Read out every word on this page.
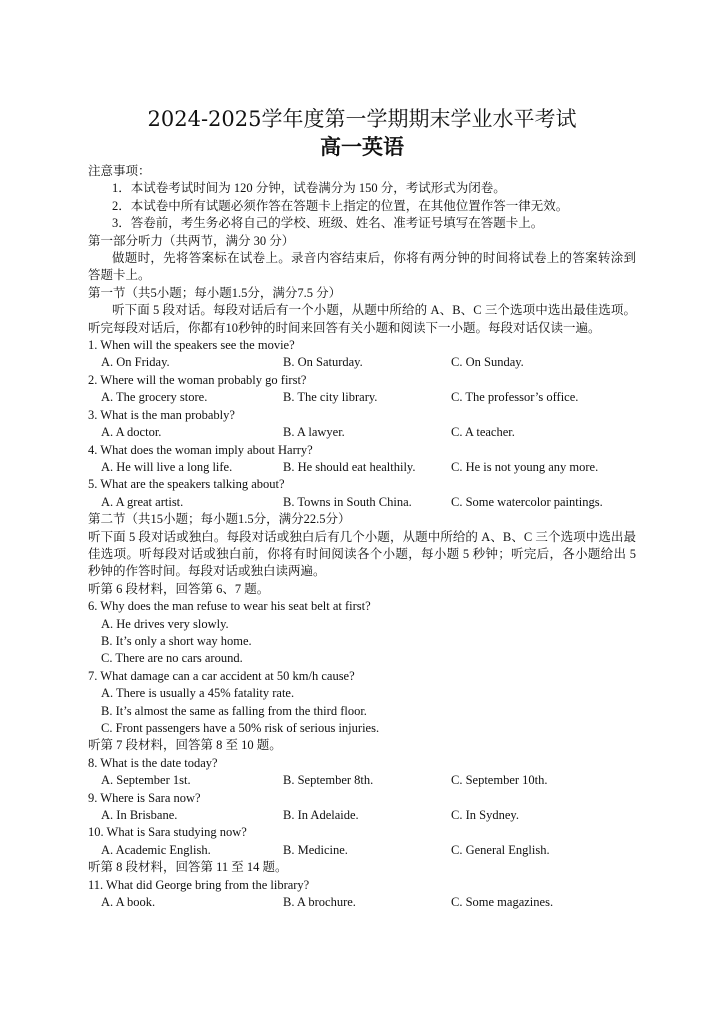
2024-2025学年度第一学期期末学业水平考试
高一英语
注意事项：
1．本试卷考试时间为 120 分钟，试卷满分为 150 分，考试形式为闭卷。
2．本试卷中所有试题必须作答在答题卡上指定的位置，在其他位置作答一律无效。
3．答卷前，考生务必将自己的学校、班级、姓名、准考证号填写在答题卡上。
第一部分听力（共两节，满分 30 分）
做题时，先将答案标在试卷上。录音内容结束后，你将有两分钟的时间将试卷上的答案转涂到答题卡上。
第一节（共5小题；每小题1.5分，满分7.5 分）
听下面 5 段对话。每段对话后有一个小题，从题中所给的 A、B、C 三个选项中选出最佳选项。听完每段对话后，你都有10秒钟的时间来回答有关小题和阅读下一小题。每段对话仅读一遍。
1. When will the speakers see the movie?
A. On Friday.	B. On Saturday.	C. On Sunday.
2. Where will the woman probably go first?
A. The grocery store.	B. The city library.	C. The professor’s office.
3. What is the man probably?
A. A doctor.	B. A lawyer.	C. A teacher.
4. What does the woman imply about Harry?
A. He will live a long life.	B. He should eat healthily.	C. He is not young any more.
5. What are the speakers talking about?
A. A great artist.	B. Towns in South China.	C. Some watercolor paintings.
第二节（共15小题；每小题1.5分，满分22.5分）
听下面 5 段对话或独白。每段对话或独白后有几个小题，从题中所给的 A、B、C 三个选项中选出最佳选项。听每段对话或独白前，你将有时间阅读各个小题，每小题 5 秒钟；听完后，各小题给出 5 秒钟的作答时间。每段对话或独白读两遍。
听第 6 段材料，回答第 6、7 题。
6. Why does the man refuse to wear his seat belt at first?
A. He drives very slowly.
B. It’s only a short way home.
C. There are no cars around.
7. What damage can a car accident at 50 km/h cause?
A. There is usually a 45% fatality rate.
B. It’s almost the same as falling from the third floor.
C. Front passengers have a 50% risk of serious injuries.
听第 7 段材料，回答第 8 至 10 题。
8. What is the date today?
A. September 1st.	B. September 8th.	C. September 10th.
9. Where is Sara now?
A. In Brisbane.	B. In Adelaide.	C. In Sydney.
10. What is Sara studying now?
A. Academic English.	B. Medicine.	C. General English.
听第 8 段材料，回答第 11 至 14 题。
11. What did George bring from the library?
A. A book.	B. A brochure.	C. Some magazines.
